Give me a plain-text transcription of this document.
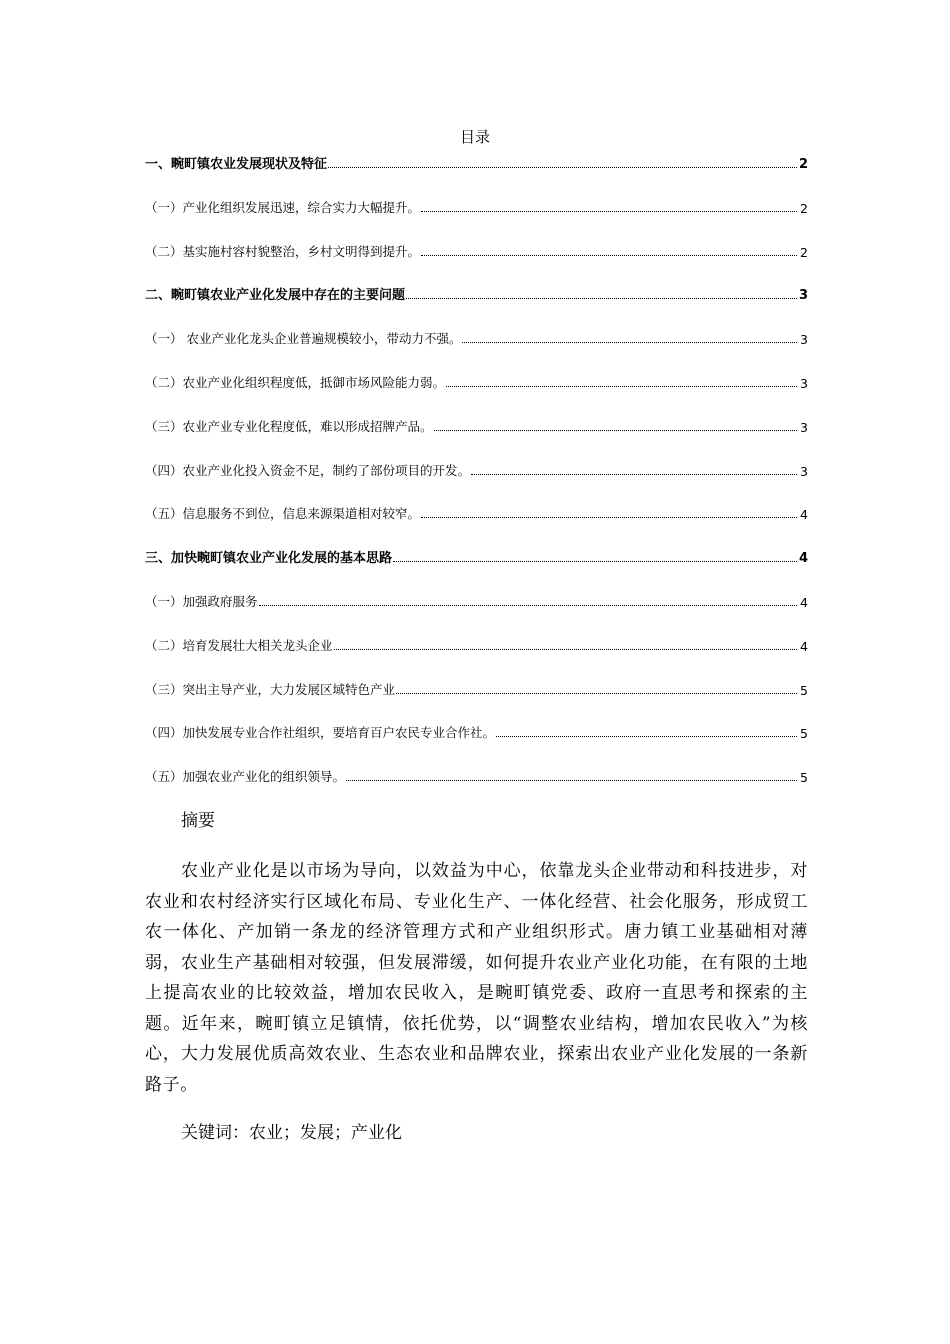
目录
一、畹町镇农业发展现状及特征	2
（一）产业化组织发展迅速，综合实力大幅提升。	2
（二）基实施村容村貌整治，乡村文明得到提升。	2
二、畹町镇农业产业化发展中存在的主要问题	3
（一） 农业产业化龙头企业普遍规模较小，带动力不强。	3
（二）农业产业化组织程度低，抵御市场风险能力弱。	3
（三）农业产业专业化程度低，难以形成招牌产品。	3
（四）农业产业化投入资金不足，制约了部份项目的开发。	3
（五）信息服务不到位，信息来源渠道相对较窄。	4
三、加快畹町镇农业产业化发展的基本思路	4
（一）加强政府服务	4
（二）培育发展壮大相关龙头企业	4
（三）突出主导产业，大力发展区域特色产业	5
（四）加快发展专业合作社组织，要培育百户农民专业合作社。	5
（五）加强农业产业化的组织领导。	5
摘要
农业产业化是以市场为导向，以效益为中心，依靠龙头企业带动和科技进步，对农业和农村经济实行区域化布局、专业化生产、一体化经营、社会化服务，形成贸工农一体化、产加销一条龙的经济管理方式和产业组织形式。唐力镇工业基础相对薄弱，农业生产基础相对较强，但发展滞缓，如何提升农业产业化功能，在有限的土地上提高农业的比较效益，增加农民收入，是畹町镇党委、政府一直思考和探索的主题。近年来，畹町镇立足镇情，依托优势，以“调整农业结构，增加农民收入”为核心，大力发展优质高效农业、生态农业和品牌农业，探索出农业产业化发展的一条新路子。
关键词：农业；发展；产业化
